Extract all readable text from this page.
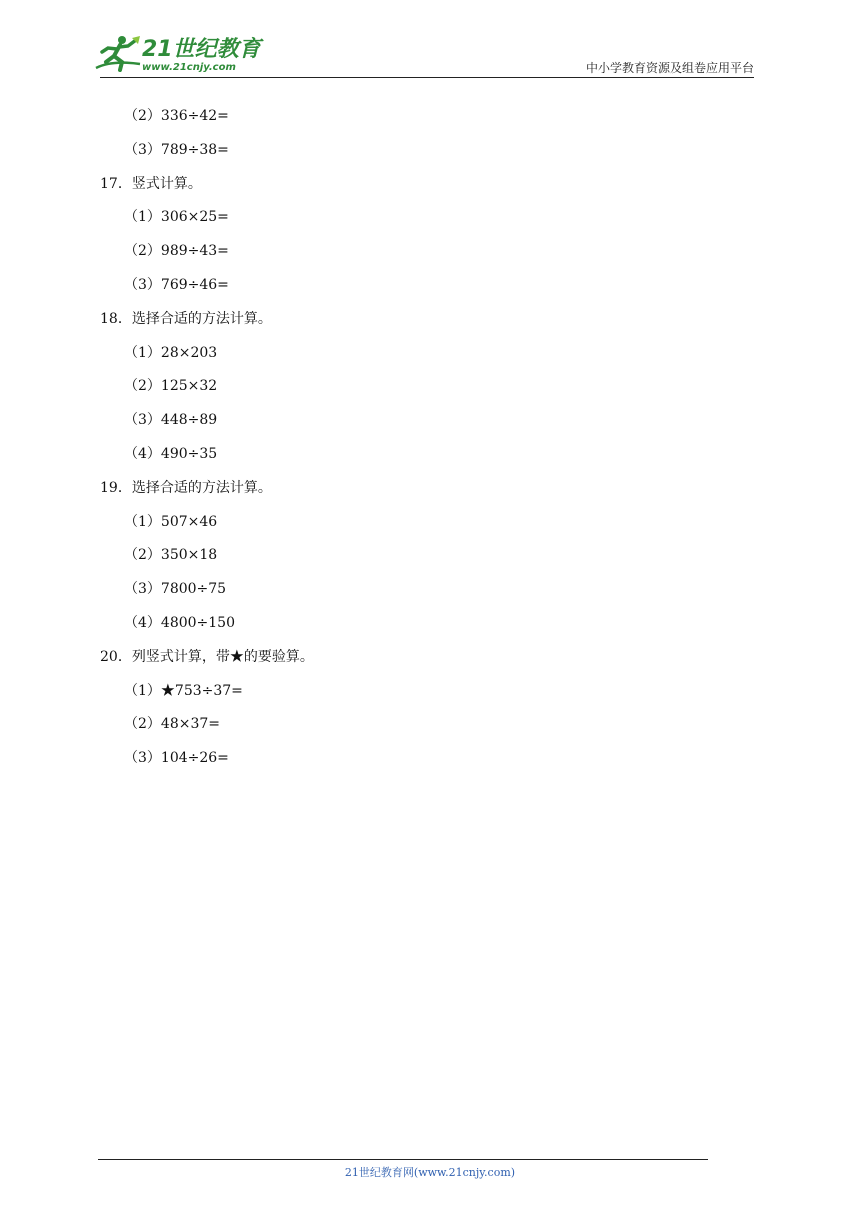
21世纪教育
www.21cnjy.com	中小学教育资源及组卷应用平台
（2）336÷42=
（3）789÷38=
17．竖式计算。
（1）306×25=
（2）989÷43=
（3）769÷46=
18．选择合适的方法计算。
（1）28×203
（2）125×32
（3）448÷89
（4）490÷35
19．选择合适的方法计算。
（1）507×46
（2）350×18
（3）7800÷75
（4）4800÷150
20．列竖式计算，带★的要验算。
（1）★753÷37=
（2）48×37=
（3）104÷26=
21世纪教育网(www.21cnjy.com)
